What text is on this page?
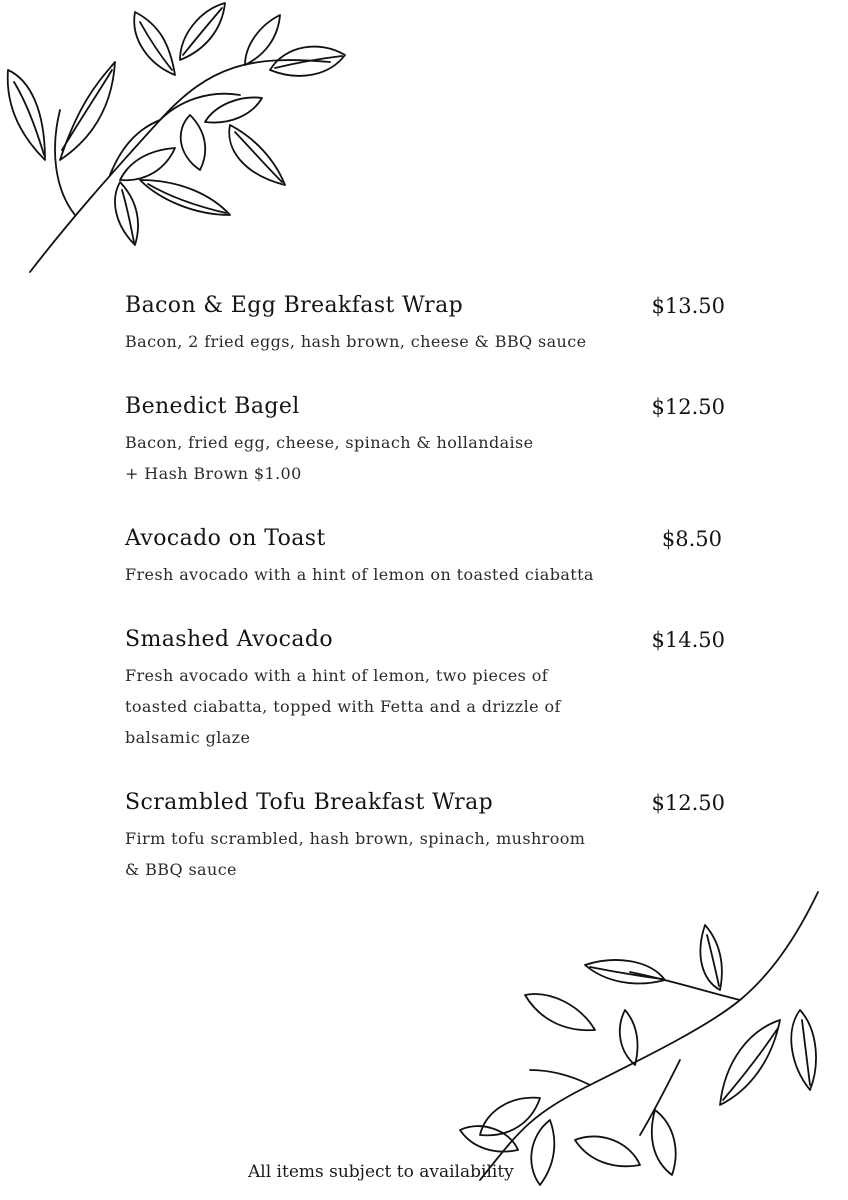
Bacon & Egg Breakfast Wrap	$13.50
Bacon, 2 fried eggs, hash brown, cheese & BBQ sauce
Benedict Bagel	$12.50
Bacon, fried egg, cheese, spinach & hollandaise
+ Hash Brown $1.00
Avocado on Toast	$8.50
Fresh avocado with a hint of lemon on toasted ciabatta
Smashed Avocado	$14.50
Fresh avocado with a hint of lemon, two pieces of
toasted ciabatta, topped with Fetta and a drizzle of
balsamic glaze
Scrambled Tofu Breakfast Wrap	$12.50
Firm tofu scrambled, hash brown, spinach, mushroom
& BBQ sauce
All items subject to availability
